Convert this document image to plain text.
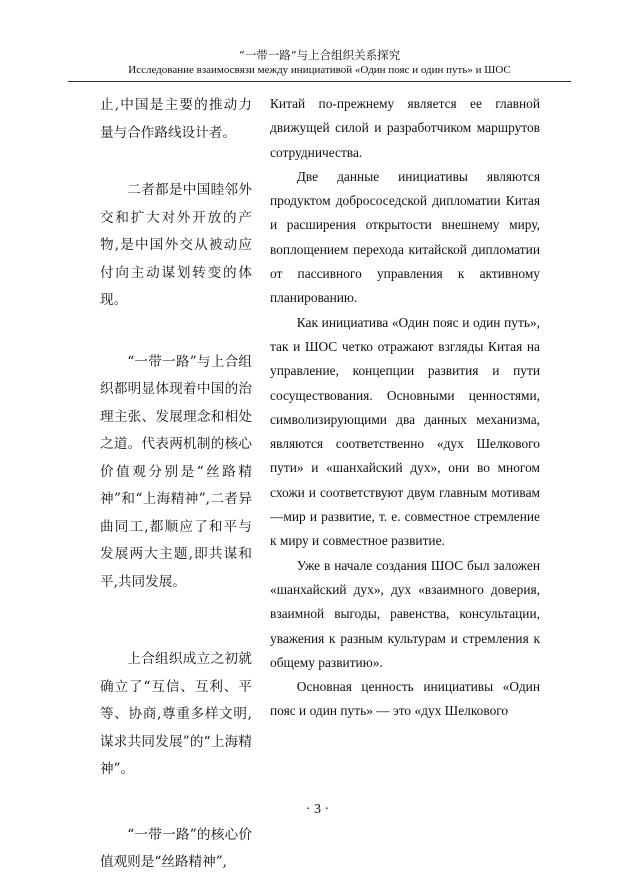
“一带一路”与上合组织关系探究
Исследование взаимосвязи между инициативой «Один пояс и один путь» и ШОС

止,中国是主要的推动力量与合作路线设计者。

二者都是中国睦邻外交和扩大对外开放的产物,是中国外交从被动应付向主动谋划转变的体现。

“一带一路”与上合组织都明显体现着中国的治理主张、发展理念和相处之道。代表两机制的核心价值观分别是“丝路精神”和“上海精神”,二者异曲同工,都顺应了和平与发展两大主题,即共谋和平,共同发展。

上合组织成立之初就确立了“互信、互利、平等、协商,尊重多样文明,谋求共同发展”的“上海精神”。

“一带一路”的核心价值观则是“丝路精神”,

Китай по-прежнему является ее главной движущей силой и разработчиком маршрутов сотрудничества.

Две данные инициативы являются продуктом добрососедской дипломатии Китая и расширения открытости внешнему миру, воплощением перехода китайской дипломатии от пассивного управления к активному планированию.

Как инициатива «Один пояс и один путь», так и ШОС четко отражают взгляды Китая на управление, концепции развития и пути сосуществования. Основными ценностями, символизирующими два данных механизма, являются соответственно «дух Шелкового пути» и «шанхайский дух», они во многом схожи и соответствуют двум главным мотивам—мир и развитие, т. е. совместное стремление к миру и совместное развитие.

Уже в начале создания ШОС был заложен «шанхайский дух», дух «взаимного доверия, взаимной выгоды, равенства, консультации, уважения к разным культурам и стремления к общему развитию».

Основная ценность инициативы «Один пояс и один путь» — это «дух Шелкового

· 3 ·
